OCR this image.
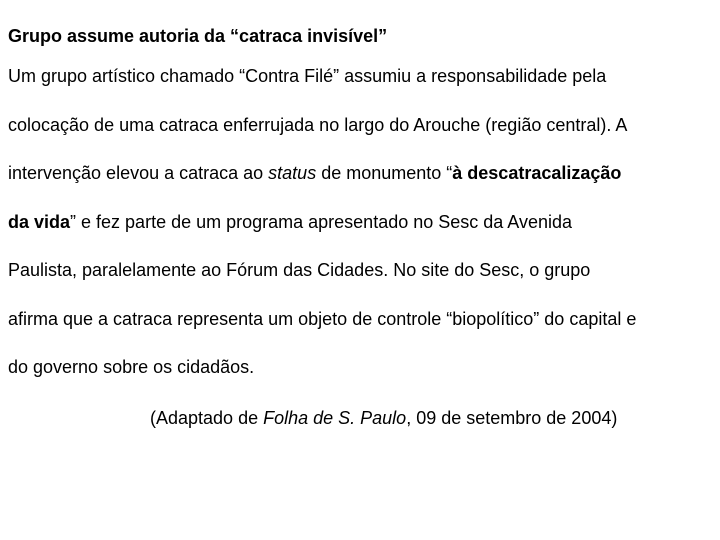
Grupo assume autoria da “catraca invisível”
Um grupo artístico chamado “Contra Filé” assumiu a responsabilidade pela
colocação de uma catraca enferrujada no largo do Arouche (região central). A
intervenção elevou a catraca ao status de monumento “à descatracalização
da vida” e fez parte de um programa apresentado no Sesc da Avenida
Paulista, paralelamente ao Fórum das Cidades. No site do Sesc, o grupo
afirma que a catraca representa um objeto de controle “biopolítico” do capital e
do governo sobre os cidadãos.
(Adaptado de Folha de S. Paulo, 09 de setembro de 2004)
